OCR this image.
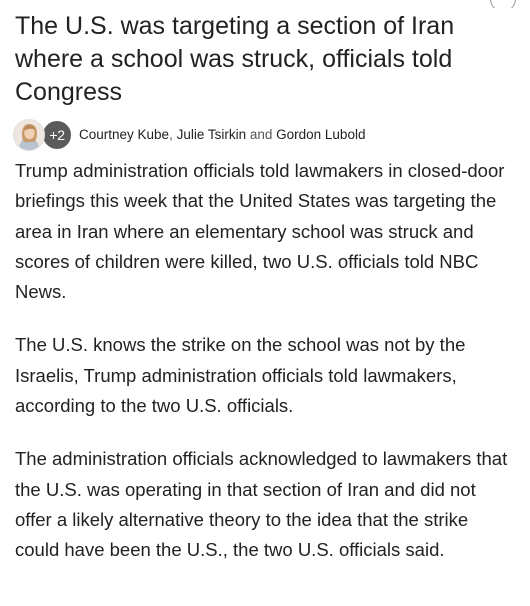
The U.S. was targeting a section of Iran where a school was struck, officials told Congress
+2	Courtney Kube, Julie Tsirkin and Gordon Lubold

Trump administration officials told lawmakers in closed-door briefings this week that the United States was targeting the area in Iran where an elementary school was struck and scores of children were killed, two U.S. officials told NBC News.

The U.S. knows the strike on the school was not by the Israelis, Trump administration officials told lawmakers, according to the two U.S. officials.

The administration officials acknowledged to lawmakers that the U.S. was operating in that section of Iran and did not offer a likely alternative theory to the idea that the strike could have been the U.S., the two U.S. officials said.
